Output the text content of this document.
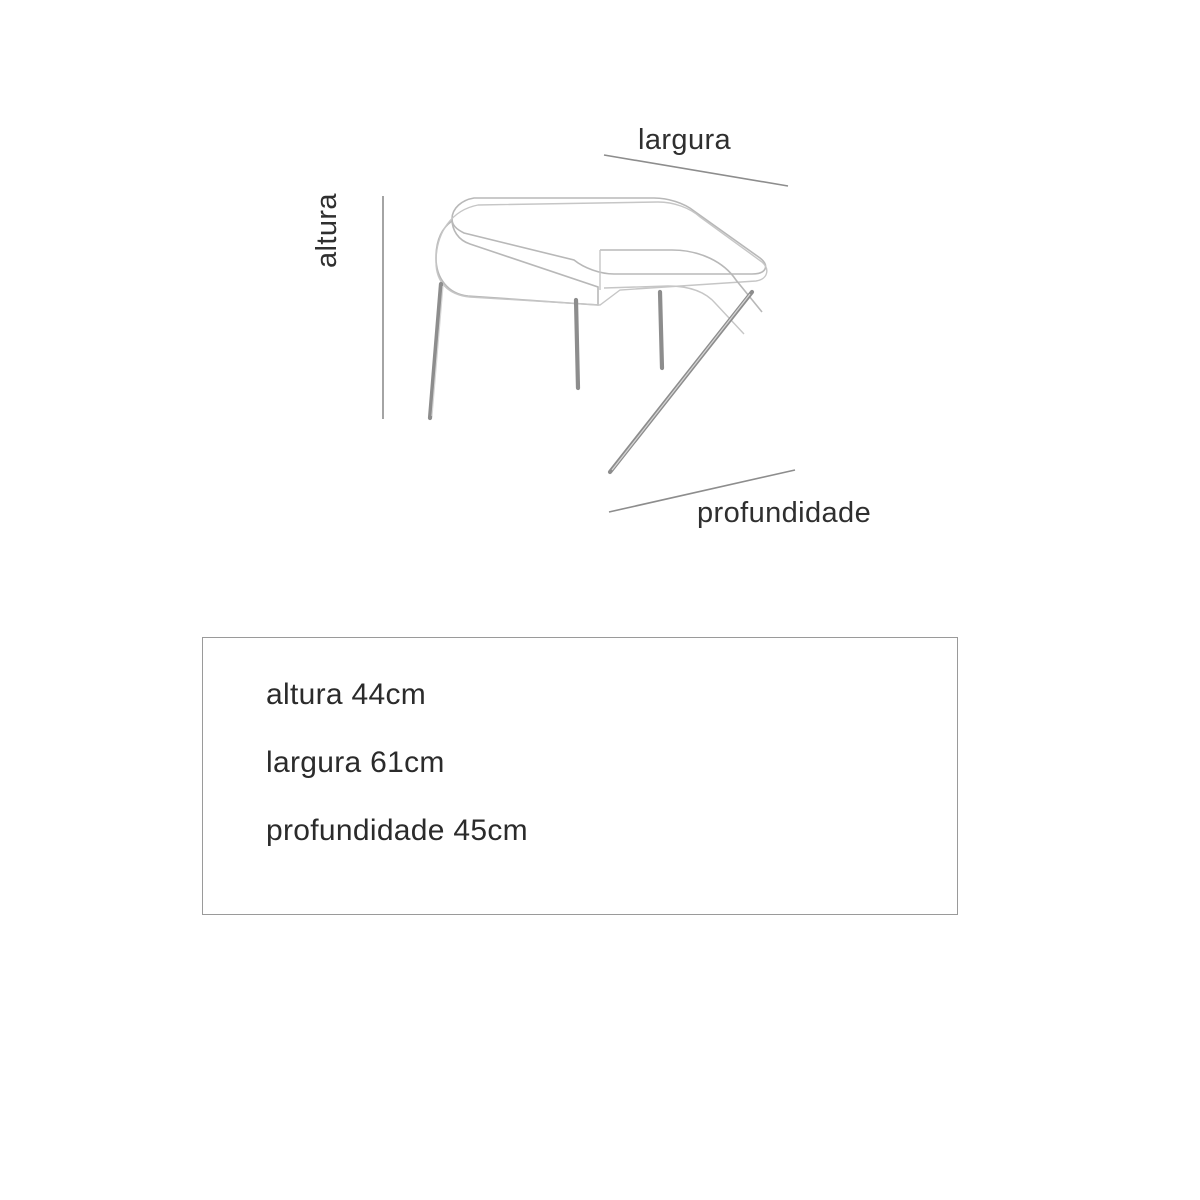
largura
profundidade
altura
altura 44cm
largura 61cm
profundidade 45cm
